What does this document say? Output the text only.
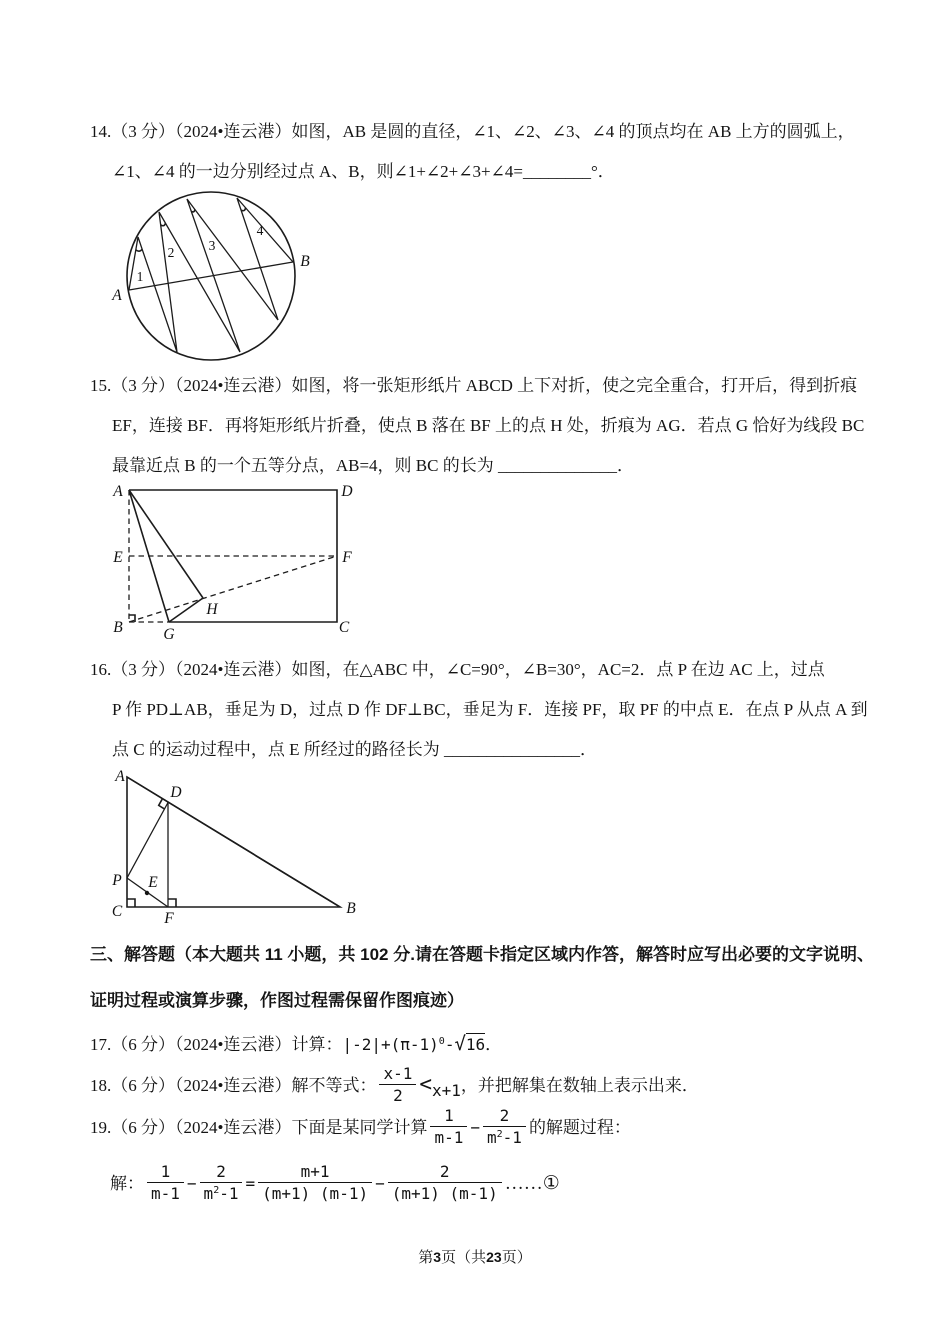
14.（3 分）（2024•连云港）如图，AB 是圆的直径，∠1、∠2、∠3、∠4 的顶点均在 AB 上方的圆弧上，
∠1、∠4 的一边分别经过点 A、B，则∠1+∠2+∠3+∠4=________°．
A
B
1
2	3
4
15.（3 分）（2024•连云港）如图，将一张矩形纸片 ABCD 上下对折，使之完全重合，打开后，得到折痕
EF，连接 BF．再将矩形纸片折叠，使点 B 落在 BF 上的点 H 处，折痕为 AG．若点 G 恰好为线段 BC
最靠近点 B 的一个五等分点，AB=4，则 BC 的长为 ______________．
A	D
E	F
B	C
G
H
16.（3 分）（2024•连云港）如图，在△ABC 中，∠C=90°，∠B=30°，AC=2．点 P 在边 AC 上，过点
P 作 PD⊥AB，垂足为 D，过点 D 作 DF⊥BC，垂足为 F．连接 PF，取 PF 的中点 E．在点 P 从点 A 到
点 C 的运动过程中，点 E 所经过的路径长为 ________________．
A
D
P E
C	F
B
三、解答题（本大题共 11 小题，共 102 分.请在答题卡指定区域内作答，解答时应写出必要的文字说明、
证明过程或演算步骤，作图过程需保留作图痕迹）
17.（6 分）（2024•连云港）计算：$|-2|+(\pi-1)^0-√16$．
18.（6 分）（2024•连云港）解不等式： $\frac{x-1}{2} <x+1$，并把解集在数轴上表示出来．
19.（6 分）（2024•连云港）下面是某同学计算 $\frac{1}{m-1} - \frac{2}{m^2-1}$ 的解题过程：
解： $\frac{1}{m-1} - \frac{2}{m^2-1} = \frac{m+1}{(m+1) (m-1)} - \frac{2}{(m+1) (m-1)}$ ……①
第3页（共23页）
